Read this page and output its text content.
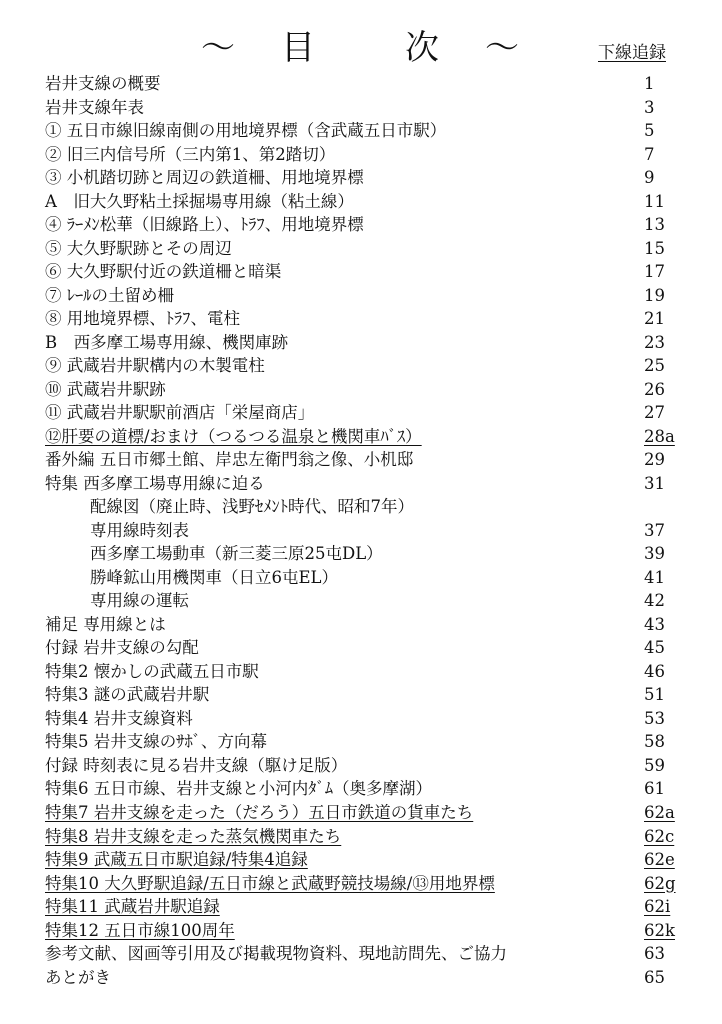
～ 目	次 ～	下線追録
岩井支線の概要	1
岩井支線年表	3
① 五日市線旧線南側の用地境界標（含武蔵五日市駅）	5
② 旧三内信号所（三内第1、第2踏切）	7
③ 小机踏切跡と周辺の鉄道柵、用地境界標	9
A　旧大久野粘土採掘場専用線（粘土線）	11
④ ﾗｰﾒﾝ松華（旧線路上）、ﾄﾗﾌ、用地境界標	13
⑤ 大久野駅跡とその周辺	15
⑥ 大久野駅付近の鉄道柵と暗渠	17
⑦ ﾚｰﾙの土留め柵	19
⑧ 用地境界標、ﾄﾗﾌ、電柱	21
B　西多摩工場専用線、機関庫跡	23
⑨ 武蔵岩井駅構内の木製電柱	25
⑩ 武蔵岩井駅跡	26
⑪ 武蔵岩井駅駅前酒店「栄屋商店」	27
⑫肝要の道標/おまけ（つるつる温泉と機関車ﾊﾞｽ）	28a
番外編 五日市郷土館、岸忠左衛門翁之像、小机邸	29
特集 西多摩工場専用線に迫る	31
配線図（廃止時、浅野ｾﾒﾝﾄ時代、昭和7年）
専用線時刻表	37
西多摩工場動車（新三菱三原25屯DL）	39
勝峰鉱山用機関車（日立6屯EL）	41
専用線の運転	42
補足 専用線とは	43
付録 岩井支線の勾配	45
特集2 懐かしの武蔵五日市駅	46
特集3 謎の武蔵岩井駅	51
特集4 岩井支線資料	53
特集5 岩井支線のｻﾎﾞ、方向幕	58
付録 時刻表に見る岩井支線（駆け足版）	59
特集6 五日市線、岩井支線と小河内ﾀﾞﾑ（奥多摩湖）	61
特集7 岩井支線を走った（だろう）五日市鉄道の貨車たち	62a
特集8 岩井支線を走った蒸気機関車たち	62c
特集9 武蔵五日市駅追録/特集4追録	62e
特集10 大久野駅追録/五日市線と武蔵野競技場線/⑬用地界標	62g
特集11 武蔵岩井駅追録	62i
特集12 五日市線100周年	62k
参考文献、図画等引用及び掲載現物資料、現地訪問先、ご協力	63
あとがき	65
